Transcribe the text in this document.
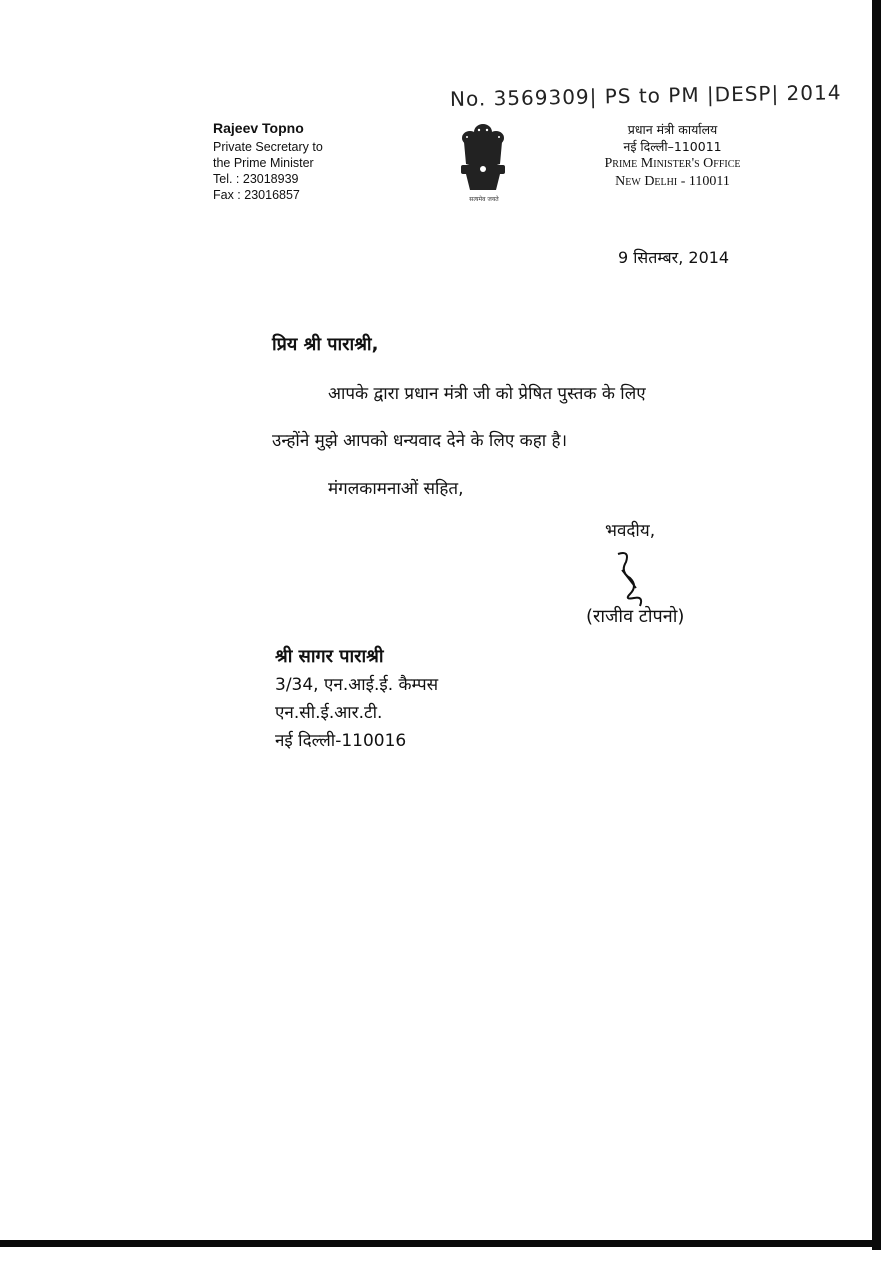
No. 3569309| PS to PM |DESP| 2014
Rajeev Topno
Private Secretary to
the Prime Minister
Tel. : 23018939
Fax : 23016857	सत्यमेव जयते
प्रधान मंत्री कार्यालय
नई दिल्ली–110011
Prime Minister's Office
New Delhi - 110011
9 सितम्बर, 2014
प्रिय श्री पाराश्री,
आपके द्वारा प्रधान मंत्री जी को प्रेषित पुस्तक के लिए
उन्होंने मुझे आपको धन्यवाद देने के लिए कहा है।
मंगलकामनाओं सहित,
भवदीय,
(राजीव टोपनो)
श्री सागर पाराश्री
3/34, एन.आई.ई. कैम्पस
एन.सी.ई.आर.टी.
नई दिल्ली-110016
